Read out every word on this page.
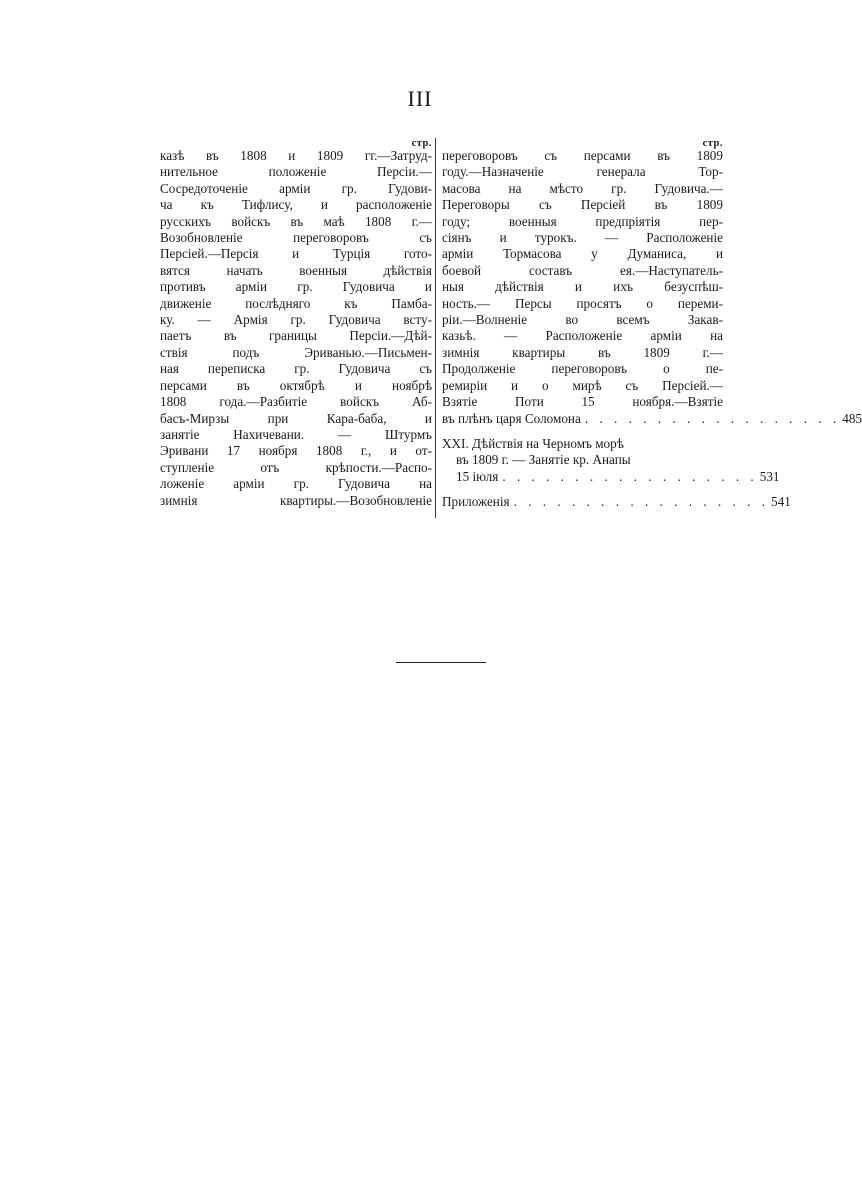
III
стр.
казѣ въ 1808 и 1809 гг.—Затруд-
нительное положеніе Персіи.—
Сосредоточеніе арміи гр. Гудови-
ча къ Тифлису, и расположеніе
русскихъ войскъ въ маѣ 1808 г.—
Возобновленіе переговоровъ съ
Персіей.—Персія и Турція гото-
вятся начать военныя дѣйствія
противъ арміи гр. Гудовича и
движеніе послѣдняго къ Памба-
ку. — Армія гр. Гудовича всту-
паетъ въ границы Персіи.—Дѣй-
ствія подъ Эриванью.—Письмен-
ная переписка гр. Гудовича съ
персами въ октябрѣ и ноябрѣ
1808 года.—Разбитіе войскъ Аб-
басъ-Мирзы при Кара-баба, и
занятіе Нахичевани. — Штурмъ
Эривани 17 ноября 1808 г., и от-
ступленіе отъ крѣпости.—Распо-
ложеніе арміи гр. Гудовича на
зимнія квартиры.—Возобновленіе
стр.
переговоровъ съ персами въ 1809
году.—Назначеніе генерала Тор-
масова на мѣсто гр. Гудовича.—
Переговоры съ Персіей въ 1809
году; военныя предпріятія пер-
сіянъ и турокъ. — Расположеніе
арміи Тормасова у Думаниса, и
боевой составъ ея.—Наступатель-
ныя дѣйствія и ихъ безуспѣш-
ность.— Персы просятъ о переми-
ріи.—Волненіе во всемъ Закав-
казьѣ. — Расположеніе арміи на
зимнія квартиры въ 1809 г.—
Продолженіе переговоровъ о пе-
ремиріи и о мирѣ съ Персіей.—
Взятіе Поти 15 ноября.—Взятіе
въ плѣнъ царя Соломона . . . . . . . . . . . . . . . . . . 485
XXI. Дѣйствія на Черномъ морѣ
въ 1809 г. — Занятіе кр. Анапы
15 іюля . . . . . . . . . . . . . . . . . . 531
Приложенія . . . . . . . . . . . . . . . . . . 541
